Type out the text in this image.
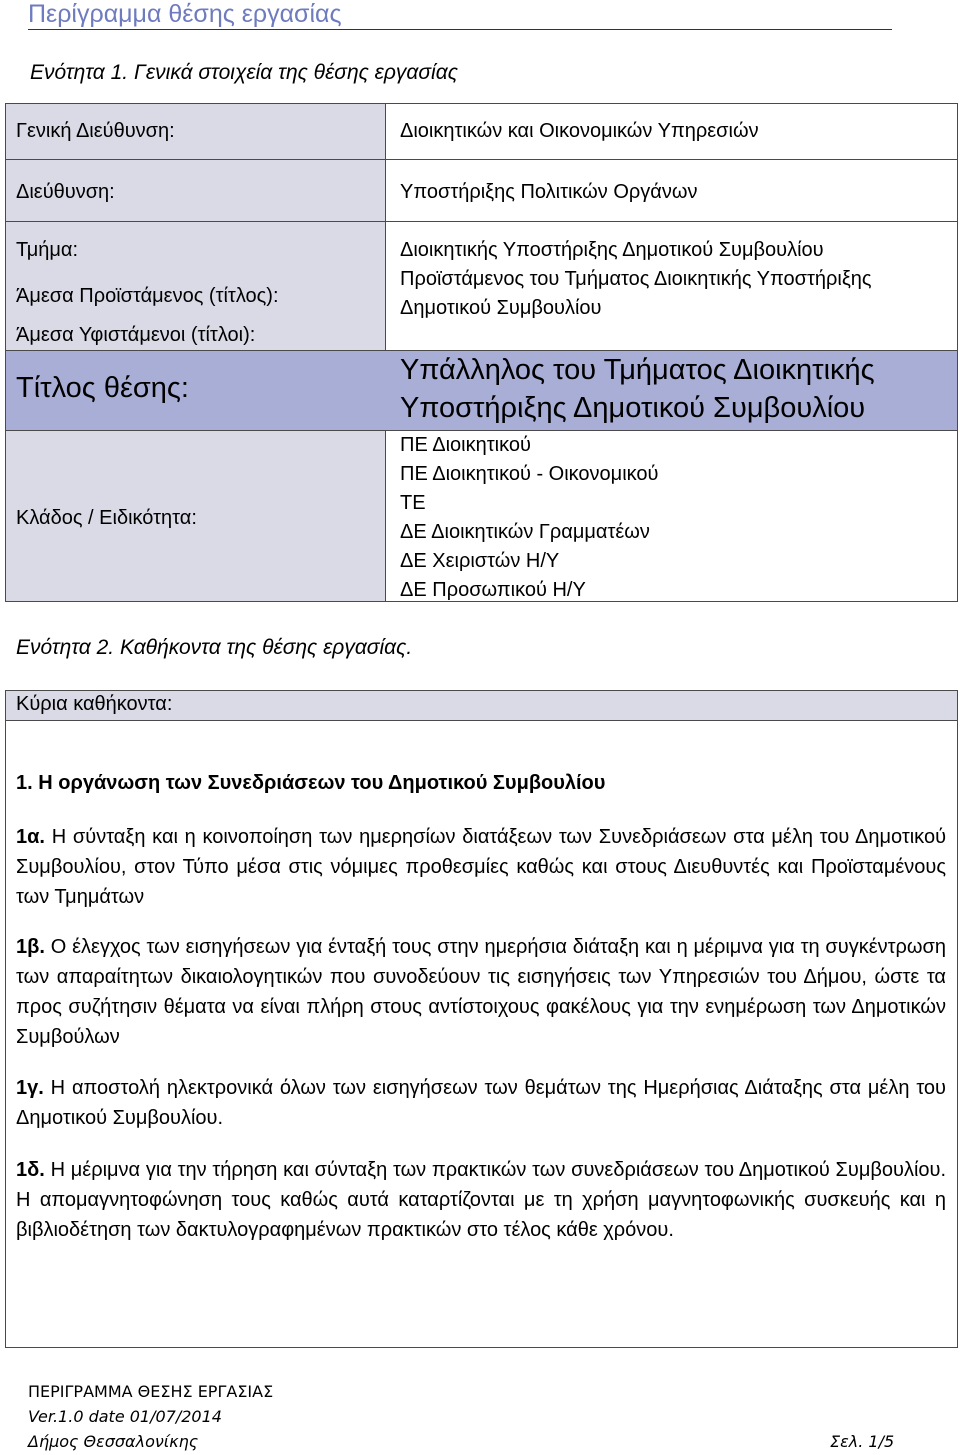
Περίγραμμα θέσης εργασίας
Ενότητα 1. Γενικά στοιχεία της θέσης εργασίας
Γενική Διεύθυνση:
Διεύθυνση:
Τμήμα:
Άμεσα Προϊστάμενος (τίτλος):
Άμεσα Υφιστάμενοι (τίτλοι):
Τίτλος θέσης:
Κλάδος / Ειδικότητα:
Διοικητικών και Οικονομικών Υπηρεσιών
Υποστήριξης Πολιτικών Οργάνων
Διοικητικής Υποστήριξης Δημοτικού Συμβουλίου
Προϊστάμενος του Τμήματος Διοικητικής Υποστήριξης
Δημοτικού Συμβουλίου
Υπάλληλος του Τμήματος Διοικητικής
Υποστήριξης Δημοτικού Συμβουλίου
ΠΕ Διοικητικού
ΠΕ Διοικητικού - Οικονομικού
ΤΕ
ΔΕ Διοικητικών Γραμματέων
ΔΕ Χειριστών Η/Υ
ΔΕ Προσωπικού Η/Υ
Ενότητα 2. Καθήκοντα της θέσης εργασίας.
Κύρια καθήκοντα:
1. Η οργάνωση των Συνεδριάσεων του Δημοτικού Συμβουλίου
1α. Η σύνταξη και η κοινοποίηση των ημερησίων διατάξεων των Συνεδριάσεων στα μέλη του Δημοτικού Συμβουλίου, στον Τύπο μέσα στις νόμιμες προθεσμίες καθώς και στους Διευθυντές και Προϊσταμένους των Τμημάτων
1β. Ο έλεγχος των εισηγήσεων για ένταξή τους στην ημερήσια διάταξη και η μέριμνα για τη συγκέντρωση των απαραίτητων δικαιολογητικών που συνοδεύουν τις εισηγήσεις των Υπηρεσιών του Δήμου, ώστε τα προς συζήτησιν θέματα να είναι πλήρη στους αντίστοιχους φακέλους για την ενημέρωση των Δημοτικών Συμβούλων
1γ. Η αποστολή ηλεκτρονικά όλων των εισηγήσεων των θεμάτων της Ημερήσιας Διάταξης στα μέλη του Δημοτικού Συμβουλίου.
1δ. Η μέριμνα για την τήρηση και σύνταξη των πρακτικών των συνεδριάσεων του Δημοτικού Συμβουλίου. Η απομαγνητοφώνηση τους καθώς αυτά καταρτίζονται με τη χρήση μαγνητοφωνικής συσκευής και η βιβλιοδέτηση των δακτυλογραφημένων πρακτικών στο τέλος κάθε χρόνου.
ΠΕΡΙΓΡΑΜΜΑ ΘΕΣΗΣ ΕΡΓΑΣΙΑΣ
Ver.1.0 date 01/07/2014
Δήμος Θεσσαλονίκης	Σελ. 1/5
